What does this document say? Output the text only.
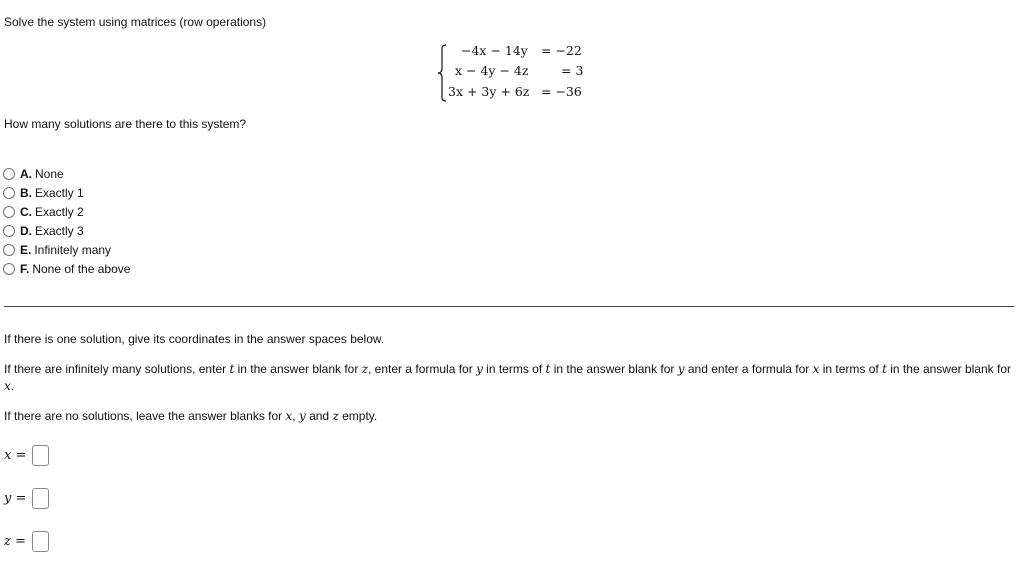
Solve the system using matrices (row operations)
−4x − 14y = −22
x − 4y − 4z	= 3
3x + 3y + 6z = −36
How many solutions are there to this system?
A. None
B. Exactly 1
C. Exactly 2
D. Exactly 3
E. Infinitely many
F. None of the above
If there is one solution, give its coordinates in the answer spaces below.
If there are infinitely many solutions, enter t in the answer blank for z, enter a formula for y in terms of t in the answer blank for y and enter a formula for x in terms of t in the answer blank for x.
If there are no solutions, leave the answer blanks for x, y and z empty.
x =
y =
z =
